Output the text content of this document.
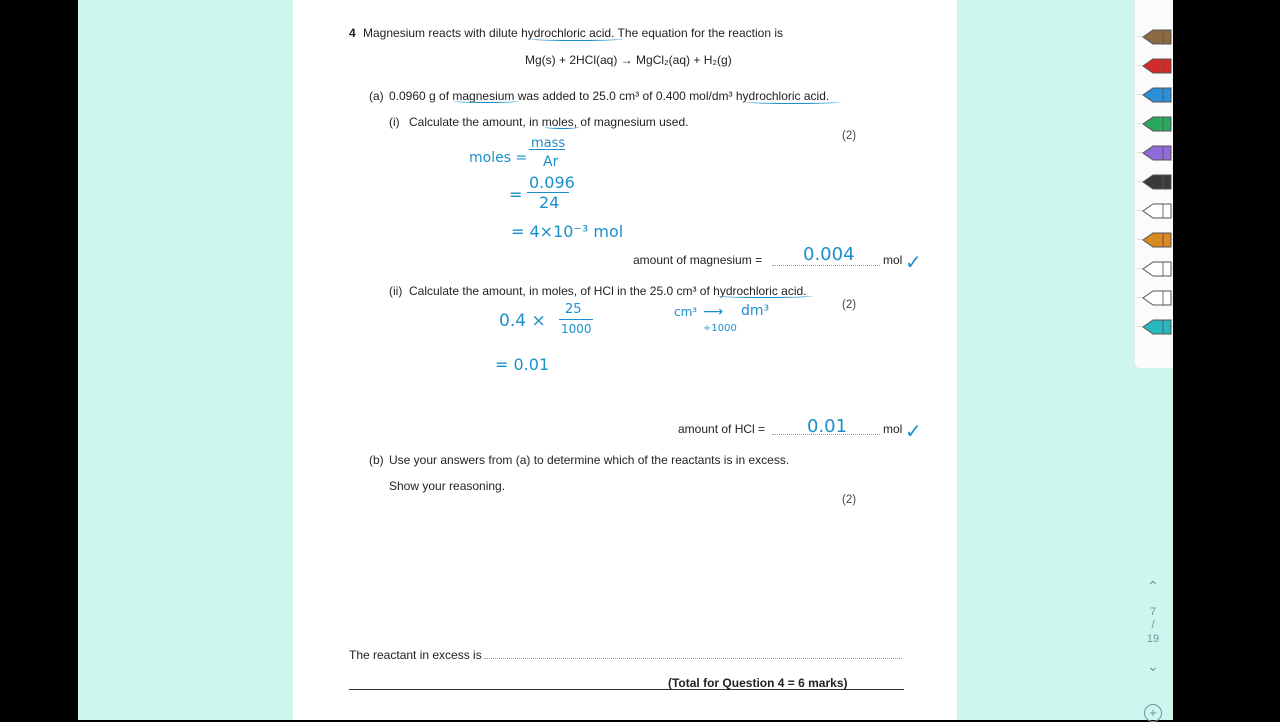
4 Magnesium reacts with dilute hydrochloric acid. The equation for the reaction is
Mg(s) + 2HCl(aq) → MgCl₂(aq) + H₂(g)
(a) 0.0960 g of magnesium was added to 25.0 cm³ of 0.400 mol/dm³ hydrochloric acid.
(i) Calculate the amount, in moles, of magnesium used.
(2)
amount of magnesium =	mol
(ii) Calculate the amount, in moles, of HCl in the 25.0 cm³ of hydrochloric acid.
(2)
amount of HCl =	mol
(b) Use your answers from (a) to determine which of the reactants is in excess.
Show your reasoning.
(2)
The reactant in excess is
(Total for Question 4 = 6 marks)
moles =
mass
Ar
=
0.096
24
= 4×10⁻³ mol
0.004	✓
0.4 ×
25
1000
cm³ ⟶ dm³
÷1000
= 0.01
0.01	✓
⌃
7
/
19
⌄
+
